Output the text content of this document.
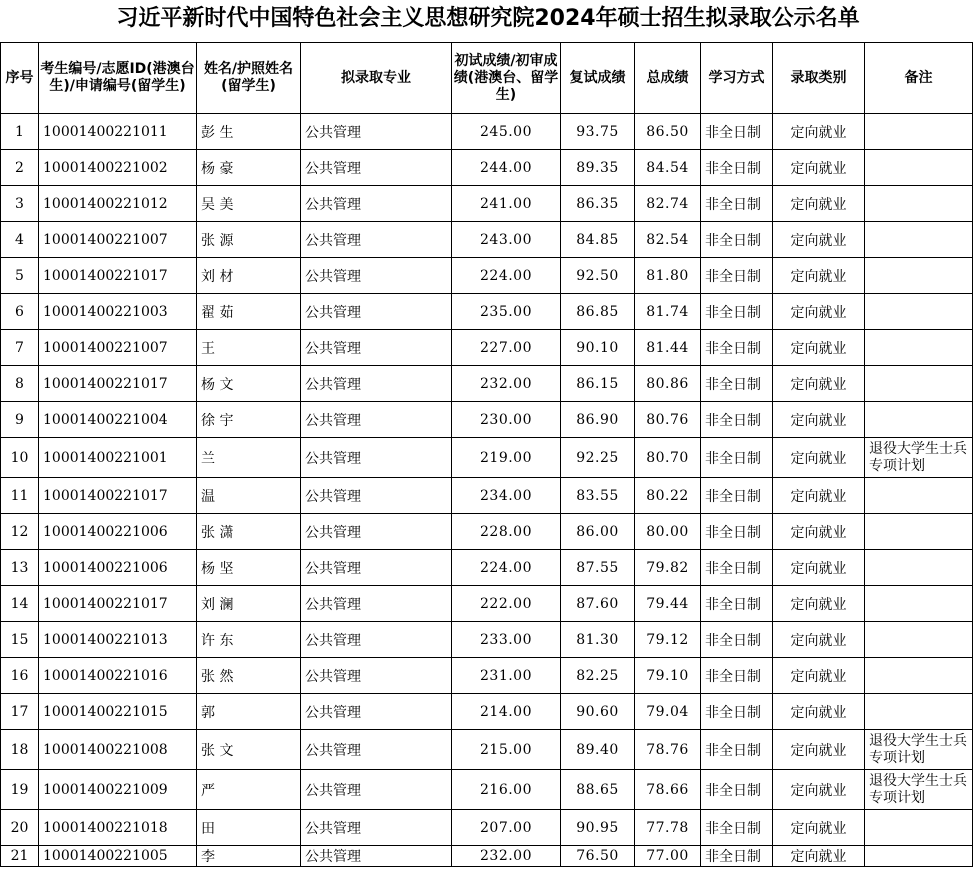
习近平新时代中国特色社会主义思想研究院2024年硕士招生拟录取公示名单
序号	考生编号/志愿ID(港澳台生)/申请编号(留学生)	姓名/护照姓名(留学生)	拟录取专业	初试成绩/初审成绩(港澳台、留学生)	复试成绩	总成绩	学习方式	录取类别	备注
1	10001400221011	彭 生	公共管理	245.00	93.75	86.50	非全日制	定向就业	
2	10001400221002	杨 豪	公共管理	244.00	89.35	84.54	非全日制	定向就业	
3	10001400221012	吴 美	公共管理	241.00	86.35	82.74	非全日制	定向就业	
4	10001400221007	张 源	公共管理	243.00	84.85	82.54	非全日制	定向就业	
5	10001400221017	刘 材	公共管理	224.00	92.50	81.80	非全日制	定向就业	
6	10001400221003	翟 茹	公共管理	235.00	86.85	81.74	非全日制	定向就业	
7	10001400221007	王	公共管理	227.00	90.10	81.44	非全日制	定向就业	
8	10001400221017	杨 文	公共管理	232.00	86.15	80.86	非全日制	定向就业	
9	10001400221004	徐 宇	公共管理	230.00	86.90	80.76	非全日制	定向就业	
10	10001400221001	兰	公共管理	219.00	92.25	80.70	非全日制	定向就业	退役大学生士兵专项计划
11	10001400221017	温	公共管理	234.00	83.55	80.22	非全日制	定向就业	
12	10001400221006	张 潇	公共管理	228.00	86.00	80.00	非全日制	定向就业	
13	10001400221006	杨 坚	公共管理	224.00	87.55	79.82	非全日制	定向就业	
14	10001400221017	刘 澜	公共管理	222.00	87.60	79.44	非全日制	定向就业	
15	10001400221013	许 东	公共管理	233.00	81.30	79.12	非全日制	定向就业	
16	10001400221016	张 然	公共管理	231.00	82.25	79.10	非全日制	定向就业	
17	10001400221015	郭	公共管理	214.00	90.60	79.04	非全日制	定向就业	
18	10001400221008	张 文	公共管理	215.00	89.40	78.76	非全日制	定向就业	退役大学生士兵专项计划
19	10001400221009	严	公共管理	216.00	88.65	78.66	非全日制	定向就业	退役大学生士兵专项计划
20	10001400221018	田	公共管理	207.00	90.95	77.78	非全日制	定向就业	
21	10001400221005	李	公共管理	232.00	76.50	77.00	非全日制	定向就业	
